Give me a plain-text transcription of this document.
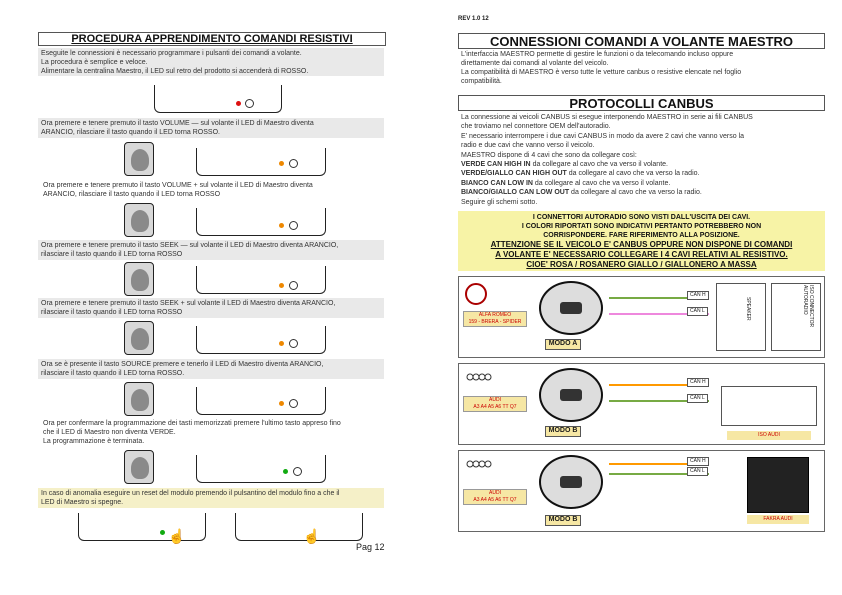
PROCEDURA APPRENDIMENTO COMANDI RESISTIVI
Eseguite le connessioni è necessario programmare i pulsanti dei comandi a volante.
La procedura è semplice e veloce.
Alimentare la centralina Maestro, il LED sul retro del prodotto si accenderà di ROSSO.
Ora premere e tenere premuto il tasto VOLUME — sul volante il LED di Maestro diventa
ARANCIO, rilasciare il tasto quando il LED torna ROSSO.
Ora premere e tenere premuto il tasto VOLUME + sul volante il LED di Maestro diventa
ARANCIO, rilasciare il tasto quando il LED torna ROSSO
Ora premere e tenere premuto il tasto SEEK — sul volante il LED di Maestro diventa ARANCIO,
rilasciare il tasto quando il LED torna ROSSO
Ora premere e tenere premuto il tasto SEEK + sul volante il LED di Maestro diventa ARANCIO,
rilasciare il tasto quando il LED torna ROSSO
Ora se è presente il tasto SOURCE premere e tenerlo il LED di Maestro diventa ARANCIO,
rilasciare il tasto quando il LED torna ROSSO.
Ora per confermare la programmazione dei tasti memorizzati premere l'ultimo tasto appreso fino
che il LED di Maestro non diventa VERDE.
La programmazione è terminata.
In caso di anomalia eseguire un reset del modulo premendo il pulsantino del modulo fino a che il
LED di Maestro si spegne.
☝	☝
Pag 12
REV 1.0 12
CONNESSIONI COMANDI A VOLANTE MAESTRO
L'interfaccia MAESTRO permette di gestire le funzioni o da telecomando incluso oppure
direttamente dai comandi al volante del veicolo.
La compatibilità di MAESTRO è verso tutte le vetture canbus o resistive elencate nel foglio
compatibilità.
PROTOCOLLI CANBUS
La connessione ai veicoli CANBUS si esegue interponendo MAESTRO in serie ai fili CANBUS
che troviamo nel connettore OEM dell'autoradio.
E' necessario interrompere i due cavi CANBUS in modo da avere 2 cavi che vanno verso la
radio e due cavi che vanno verso il veicolo.
MAESTRO dispone di 4 cavi che sono da collegare così:
VERDE CAN HIGH IN da collegare al cavo che va verso il volante.
VERDE/GIALLO CAN HIGH OUT da collegare al cavo che va verso la radio.
BIANCO CAN LOW IN da collegare al cavo che va verso il volante.
BIANCO/GIALLO CAN LOW OUT da collegare al cavo che va verso la radio.
Seguire gli schemi sotto.
I CONNETTORI AUTORADIO SONO VISTI DALL'USCITA DEI CAVI.
I COLORI RIPORTATI SONO INDICATIVI PERTANTO POTREBBERO NON
CORRISPONDERE. FARE RIFERIMENTO ALLA POSIZIONE.
ATTENZIONE SE IL VEICOLO E' CANBUS OPPURE NON DISPONE DI COMANDI
A VOLANTE E' NECESSARIO COLLEGARE I 4 CAVI RELATIVI AL RESISTIVO.
CIOE' ROSA / ROSANERO GIALLO / GIALLONERO A MASSA
ALFA ROMEO
159 - BRERA - SPIDER
MODO A
CAN H
CAN L	SPEAKER	ISO CONNECTOR AUTORADIO
AUDI
A3 A4 A5 A6 TT Q7
MODO B
CAN H
CAN L
ISO AUDI
AUDI
A3 A4 A5 A6 TT Q7
MODO B
CAN H
CAN L
FAKRA AUDI
